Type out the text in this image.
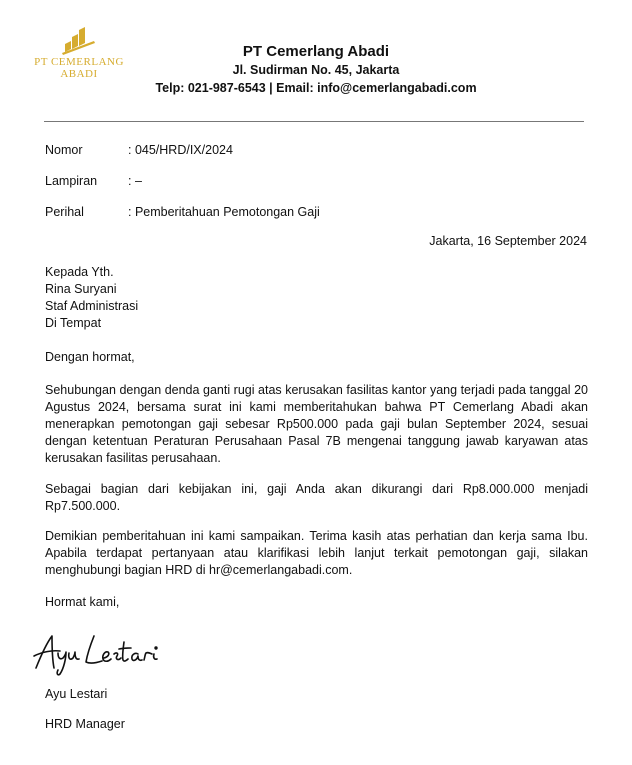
PT CEMERLANG
ABADI
PT Cemerlang Abadi
Jl. Sudirman No. 45, Jakarta
Telp: 021-987-6543 | Email: info@cemerlangabadi.com
Nomor	: 045/HRD/IX/2024
Lampiran : –
Perihal	: Pemberitahuan Pemotongan Gaji
Jakarta, 16 September 2024
Kepada Yth.
Rina Suryani
Staf Administrasi
Di Tempat
Dengan hormat,
Sehubungan dengan denda ganti rugi atas kerusakan fasilitas kantor yang terjadi pada tanggal 20 Agustus 2024, bersama surat ini kami memberitahukan bahwa PT Cemerlang Abadi akan menerapkan pemotongan gaji sebesar Rp500.000 pada gaji bulan September 2024, sesuai dengan ketentuan Peraturan Perusahaan Pasal 7B mengenai tanggung jawab karyawan atas kerusakan fasilitas perusahaan.
Sebagai bagian dari kebijakan ini, gaji Anda akan dikurangi dari Rp8.000.000 menjadi Rp7.500.000.
Demikian pemberitahuan ini kami sampaikan. Terima kasih atas perhatian dan kerja sama Ibu. Apabila terdapat pertanyaan atau klarifikasi lebih lanjut terkait pemotongan gaji, silakan menghubungi bagian HRD di hr@cemerlangabadi.com.
Hormat kami,
Ayu Lestari
HRD Manager
